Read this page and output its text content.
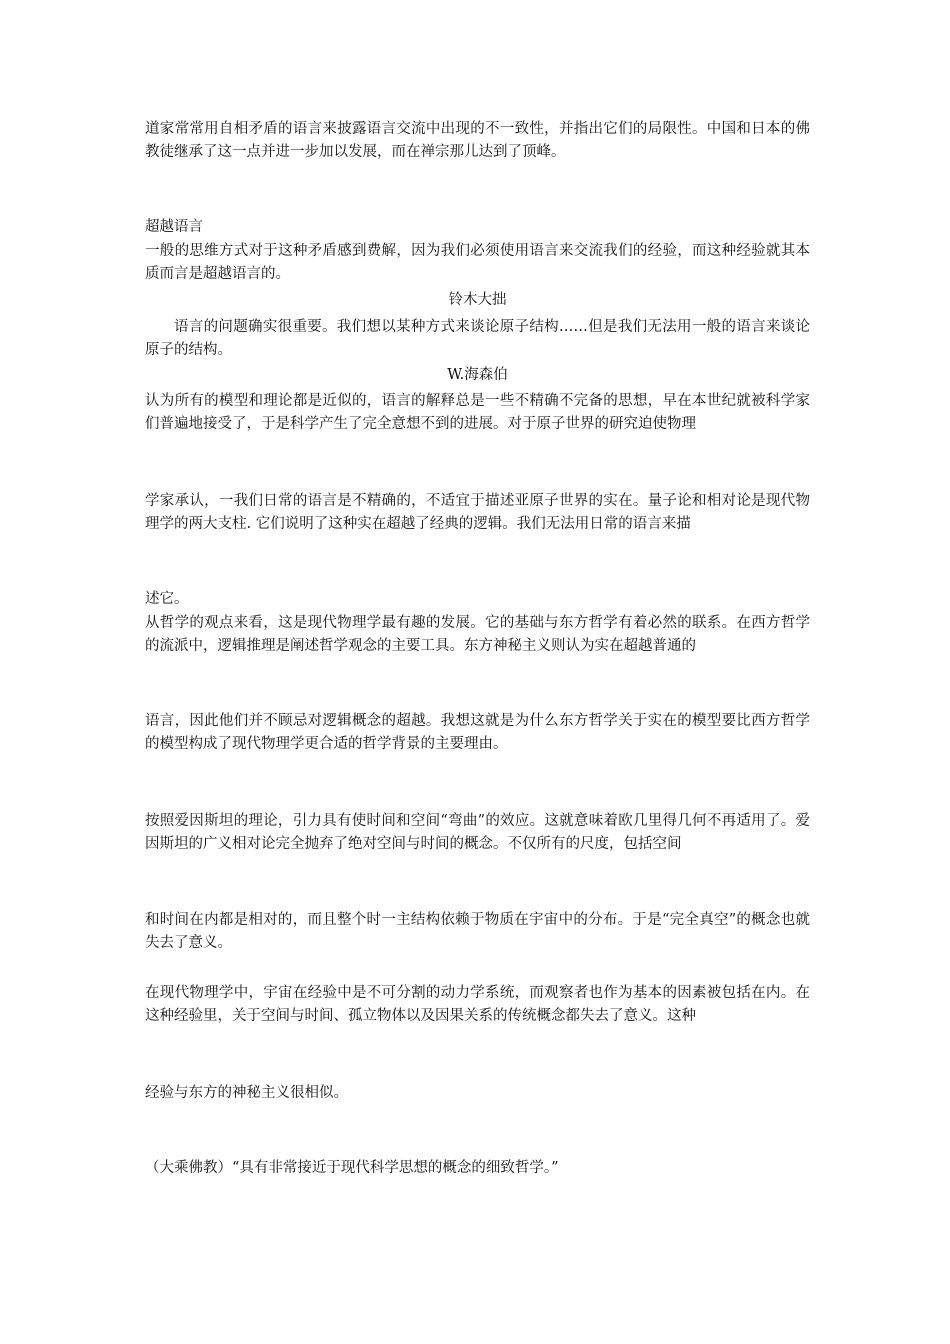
道家常常用自相矛盾的语言来披露语言交流中出现的不一致性，并指出它们的局限性。中国和日本的佛教徒继承了这一点并进一步加以发展，而在禅宗那儿达到了顶峰。

超越语言

一般的思维方式对于这种矛盾感到费解，因为我们必须使用语言来交流我们的经验，而这种经验就其本质而言是超越语言的。

铃木大拙

语言的问题确实很重要。我们想以某种方式来谈论原子结构……但是我们无法用一般的语言来谈论原子的结构。

W.海森伯

认为所有的模型和理论都是近似的，语言的解释总是一些不精确不完备的思想，早在本世纪就被科学家们普遍地接受了，于是科学产生了完全意想不到的进展。对于原子世界的研究迫使物理

学家承认，一我们日常的语言是不精确的，不适宜于描述亚原子世界的实在。量子论和相对论是现代物理学的两大支柱. 它们说明了这种实在超越了经典的逻辑。我们无法用日常的语言来描

述它。

从哲学的观点来看，这是现代物理学最有趣的发展。它的基础与东方哲学有着必然的联系。在西方哲学的流派中，逻辑推理是阐述哲学观念的主要工具。东方神秘主义则认为实在超越普通的

语言，因此他们并不顾忌对逻辑概念的超越。我想这就是为什么东方哲学关于实在的模型要比西方哲学的模型构成了现代物理学更合适的哲学背景的主要理由。

按照爱因斯坦的理论，引力具有使时间和空间“弯曲”的效应。这就意味着欧几里得几何不再适用了。爱因斯坦的广义相对论完全抛弃了绝对空间与时间的概念。不仅所有的尺度，包括空间

和时间在内都是相对的，而且整个时一主结构依赖于物质在宇宙中的分布。于是“完全真空”的概念也就失去了意义。

在现代物理学中，宇宙在经验中是不可分割的动力学系统，而观察者也作为基本的因素被包括在内。在这种经验里，关于空间与时间、孤立物体以及因果关系的传统概念都失去了意义。这种

经验与东方的神秘主义很相似。

（大乘佛教）“具有非常接近于现代科学思想的概念的细致哲学。”
